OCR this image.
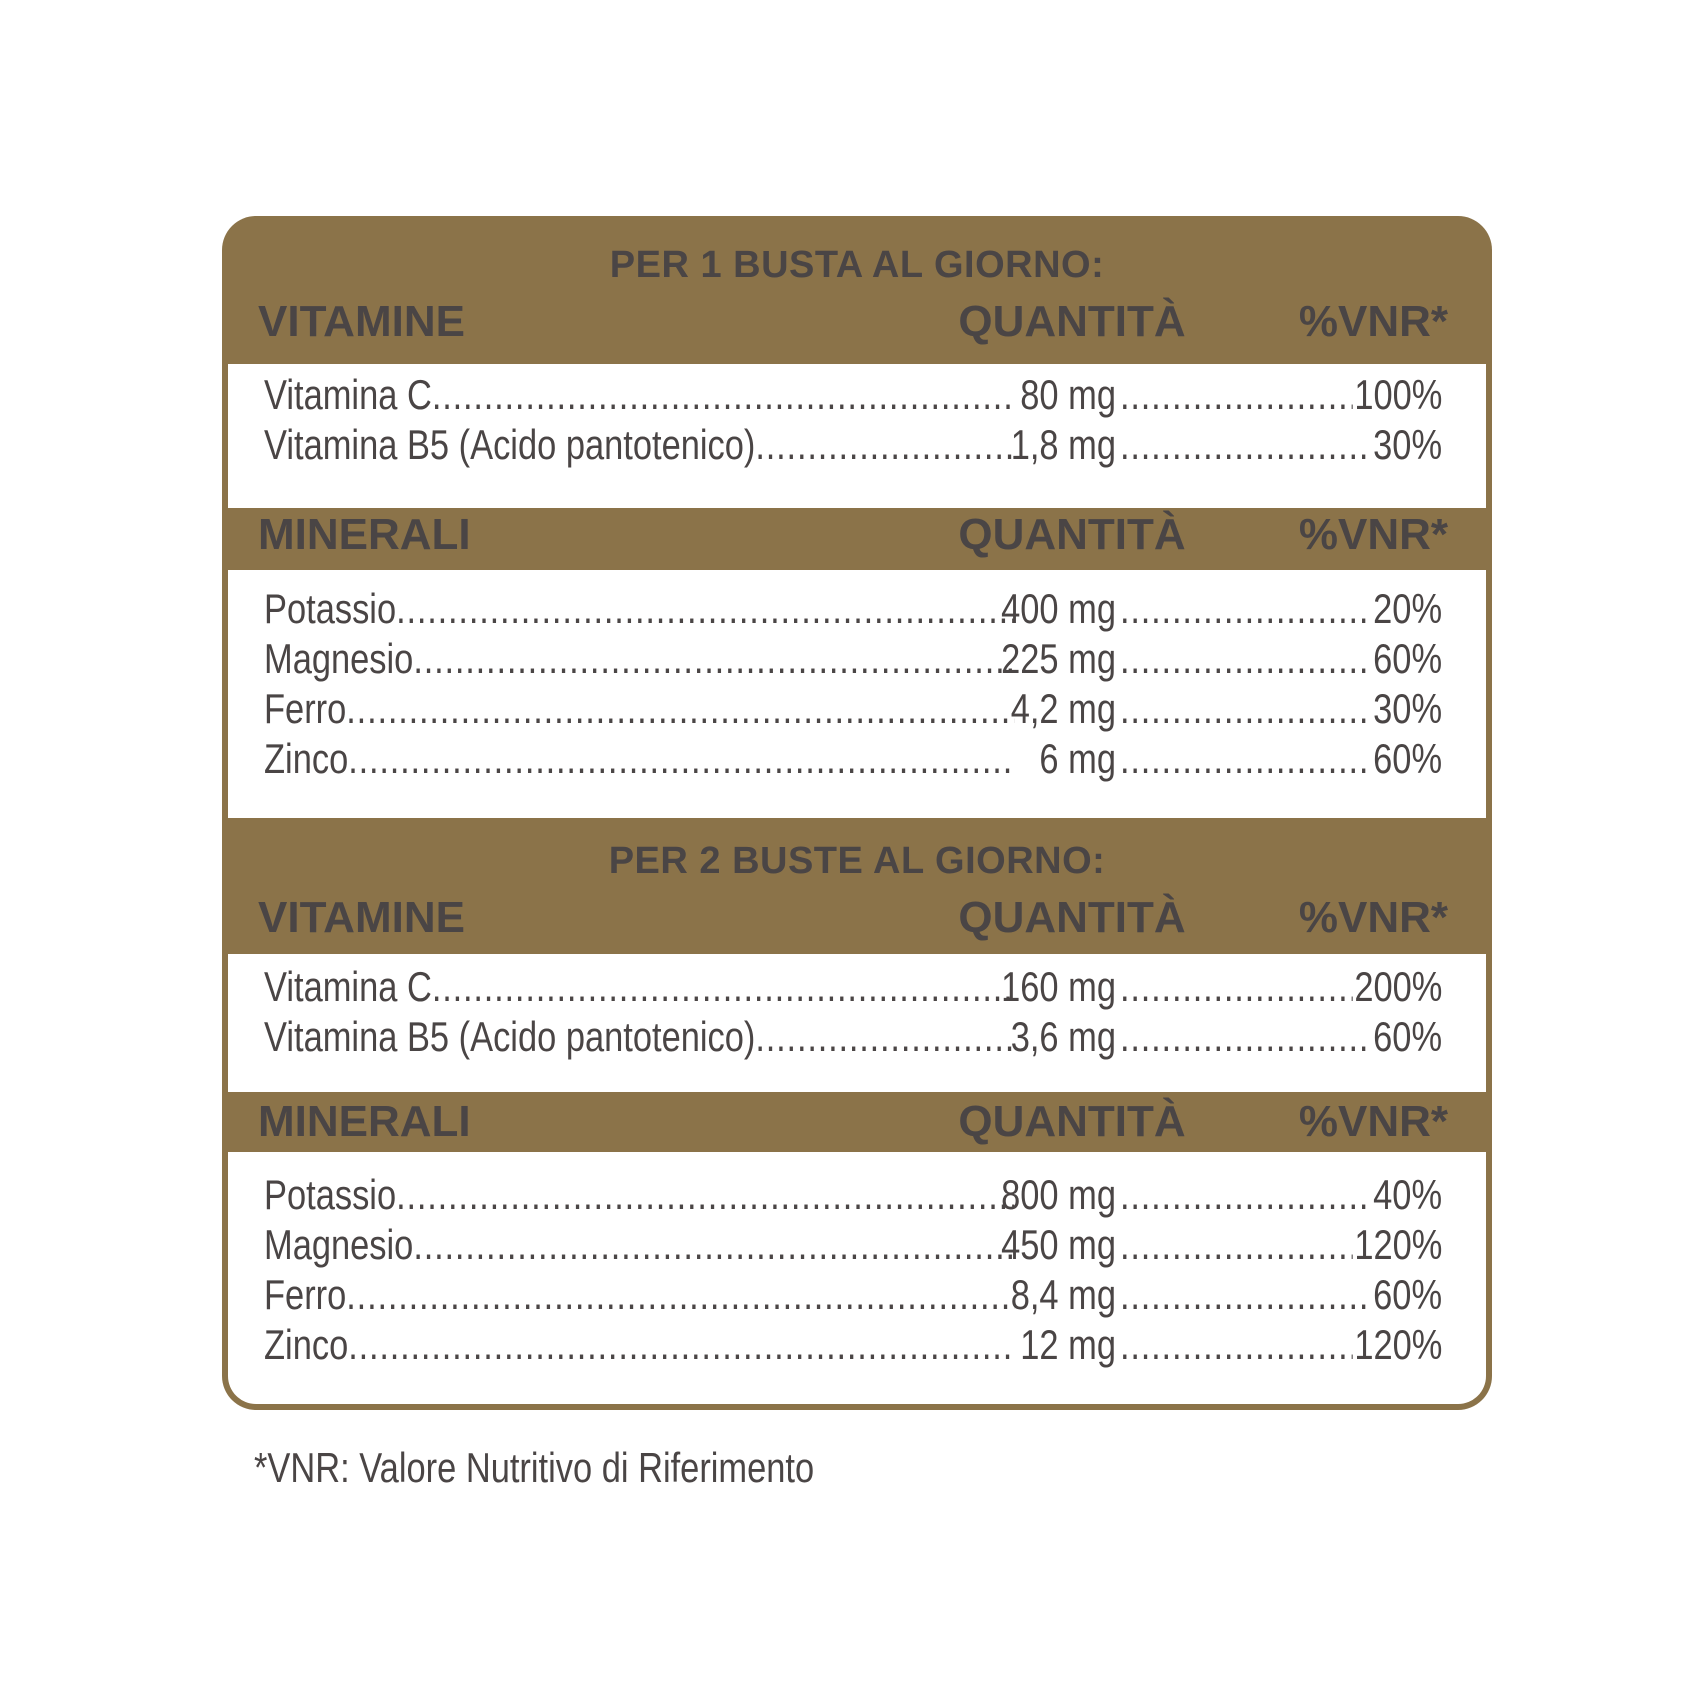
PER 1 BUSTA AL GIORNO:
VITAMINE	QUANTITÀ	%VNR*
Vitamina C .....	80 mg .....	100%
Vitamina B5 (Acido pantotenico) .....	1,8 mg .....	30%
MINERALI	QUANTITÀ	%VNR*
Potassio .....	400 mg .....	20%
Magnesio .....	225 mg .....	60%
Ferro .....	4,2 mg .....	30%
Zinco .....	6 mg .....	60%
PER 2 BUSTE AL GIORNO:
VITAMINE	QUANTITÀ	%VNR*
Vitamina C .....	160 mg .....	200%
Vitamina B5 (Acido pantotenico) .....	3,6 mg .....	60%
MINERALI	QUANTITÀ	%VNR*
Potassio .....	800 mg .....	40%
Magnesio .....	450 mg .....	120%
Ferro .....	8,4 mg .....	60%
Zinco .....	12 mg .....	120%
*VNR: Valore Nutritivo di Riferimento
